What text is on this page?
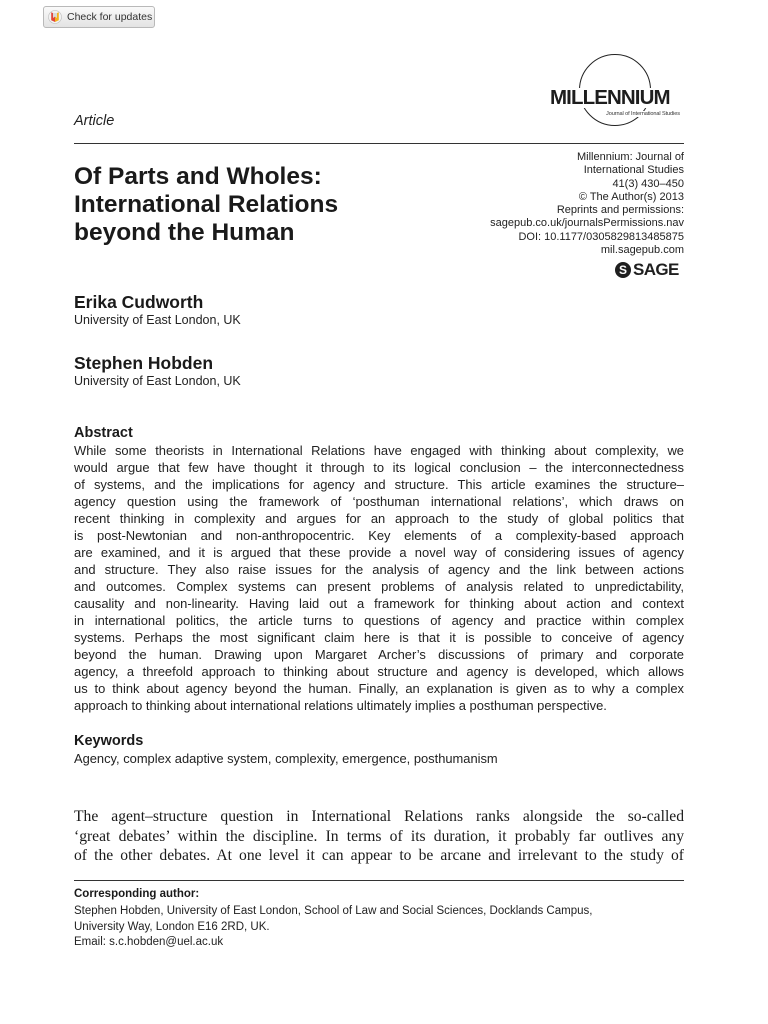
Check for updates
MILLENNIUM
Journal of International Studies
Article
Of Parts and Wholes:
International Relations
beyond the Human
Millennium: Journal of
International Studies
41(3) 430–450
© The Author(s) 2013
Reprints and permissions:
sagepub.co.uk/journalsPermissions.nav
DOI: 10.1177/0305829813485875
mil.sagepub.com
S SAGE
Erika Cudworth
University of East London, UK
Stephen Hobden
University of East London, UK
Abstract
While some theorists in International Relations have engaged with thinking about complexity, we
would argue that few have thought it through to its logical conclusion – the interconnectedness
of systems, and the implications for agency and structure. This article examines the structure–
agency question using the framework of ‘posthuman international relations’, which draws on
recent thinking in complexity and argues for an approach to the study of global politics that
is post-Newtonian and non-anthropocentric. Key elements of a complexity-based approach
are examined, and it is argued that these provide a novel way of considering issues of agency
and structure. They also raise issues for the analysis of agency and the link between actions
and outcomes. Complex systems can present problems of analysis related to unpredictability,
causality and non-linearity. Having laid out a framework for thinking about action and context
in international politics, the article turns to questions of agency and practice within complex
systems. Perhaps the most significant claim here is that it is possible to conceive of agency
beyond the human. Drawing upon Margaret Archer’s discussions of primary and corporate
agency, a threefold approach to thinking about structure and agency is developed, which allows
us to think about agency beyond the human. Finally, an explanation is given as to why a complex
approach to thinking about international relations ultimately implies a posthuman perspective.
Keywords
Agency, complex adaptive system, complexity, emergence, posthumanism
The agent–structure question in International Relations ranks alongside the so-called
‘great debates’ within the discipline. In terms of its duration, it probably far outlives any
of the other debates. At one level it can appear to be arcane and irrelevant to the study of
Corresponding author:
Stephen Hobden, University of East London, School of Law and Social Sciences, Docklands Campus,
University Way, London E16 2RD, UK.
Email: s.c.hobden@uel.ac.uk
